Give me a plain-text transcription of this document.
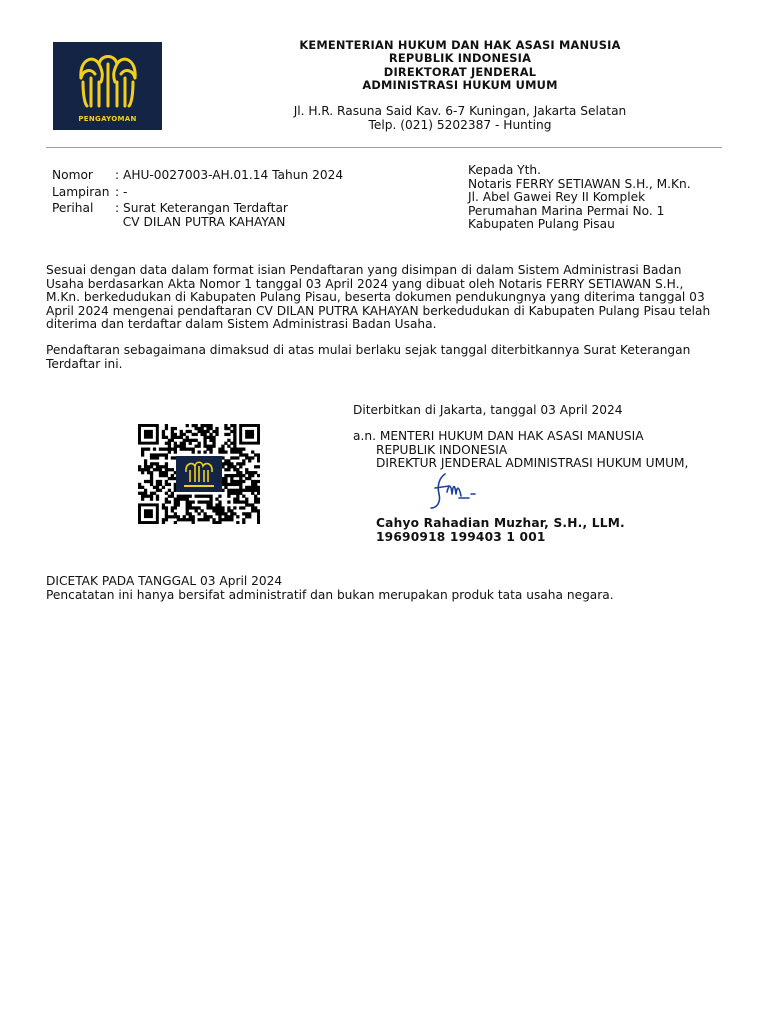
PENGAYOMAN
KEMENTERIAN HUKUM DAN HAK ASASI MANUSIA
REPUBLIK INDONESIA
DIREKTORAT JENDERAL
ADMINISTRASI HUKUM UMUM
Jl. H.R. Rasuna Said Kav. 6-7 Kuningan, Jakarta Selatan
Telp. (021) 5202387 - Hunting
Nomor	: AHU-0027003-AH.01.14 Tahun 2024
Lampiran : -
Perihal	: Surat Keterangan Terdaftar
CV DILAN PUTRA KAHAYAN
Kepada Yth.
Notaris FERRY SETIAWAN S.H., M.Kn.
Jl. Abel Gawei Rey II Komplek
Perumahan Marina Permai No. 1
Kabupaten Pulang Pisau
Sesuai dengan data dalam format isian Pendaftaran yang disimpan di dalam Sistem Administrasi Badan
Usaha berdasarkan Akta Nomor 1 tanggal 03 April 2024 yang dibuat oleh Notaris FERRY SETIAWAN S.H.,
M.Kn. berkedudukan di Kabupaten Pulang Pisau, beserta dokumen pendukungnya yang diterima tanggal 03
April 2024 mengenai pendaftaran CV DILAN PUTRA KAHAYAN berkedudukan di Kabupaten Pulang Pisau telah
diterima dan terdaftar dalam Sistem Administrasi Badan Usaha.
Pendaftaran sebagaimana dimaksud di atas mulai berlaku sejak tanggal diterbitkannya Surat Keterangan
Terdaftar ini.
Diterbitkan di Jakarta, tanggal 03 April 2024
a.n. MENTERI HUKUM DAN HAK ASASI MANUSIA
REPUBLIK INDONESIA
DIREKTUR JENDERAL ADMINISTRASI HUKUM UMUM,
Cahyo Rahadian Muzhar, S.H., LLM.
19690918 199403 1 001
DICETAK PADA TANGGAL 03 April 2024
Pencatatan ini hanya bersifat administratif dan bukan merupakan produk tata usaha negara.
